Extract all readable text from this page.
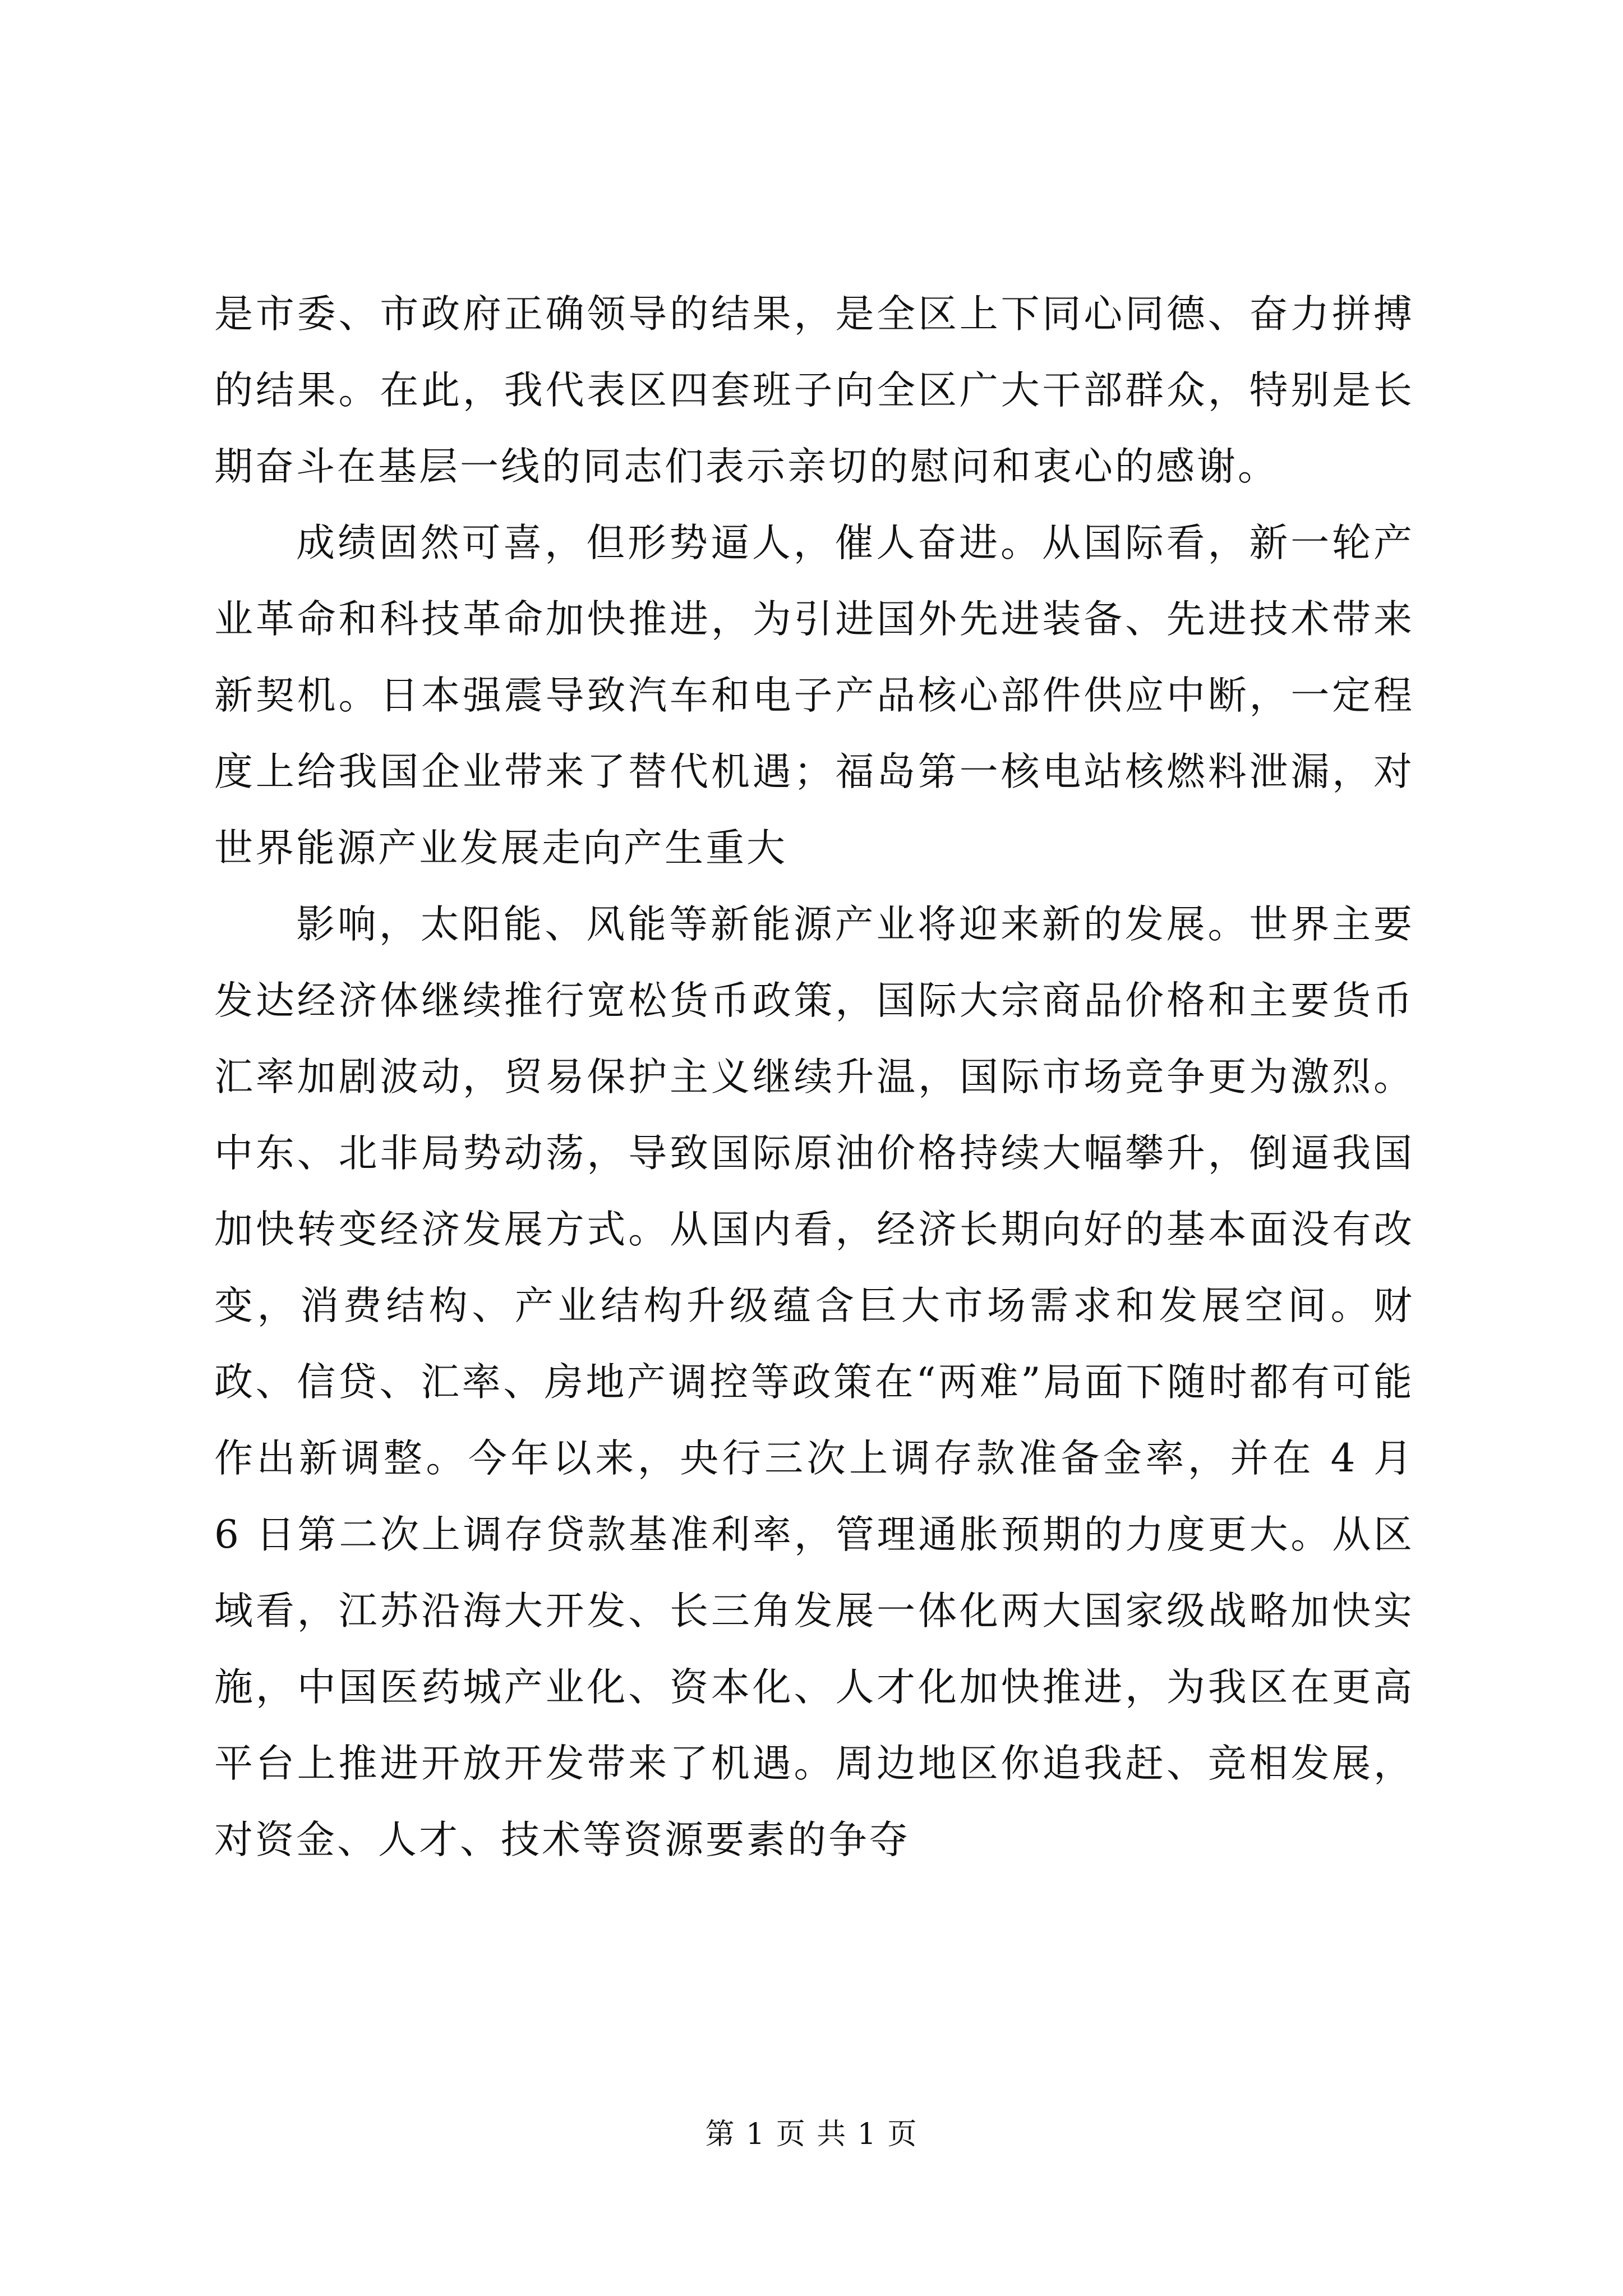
是市委、市政府正确领导的结果，是全区上下同心同德、奋力拼搏的结果。在此，我代表区四套班子向全区广大干部群众，特别是长期奋斗在基层一线的同志们表示亲切的慰问和衷心的感谢。

成绩固然可喜，但形势逼人，催人奋进。从国际看，新一轮产业革命和科技革命加快推进，为引进国外先进装备、先进技术带来新契机。日本强震导致汽车和电子产品核心部件供应中断，一定程度上给我国企业带来了替代机遇；福岛第一核电站核燃料泄漏，对世界能源产业发展走向产生重大

影响，太阳能、风能等新能源产业将迎来新的发展。世界主要发达经济体继续推行宽松货币政策，国际大宗商品价格和主要货币汇率加剧波动，贸易保护主义继续升温，国际市场竞争更为激烈。中东、北非局势动荡，导致国际原油价格持续大幅攀升，倒逼我国加快转变经济发展方式。从国内看，经济长期向好的基本面没有改变，消费结构、产业结构升级蕴含巨大市场需求和发展空间。财政、信贷、汇率、房地产调控等政策在“两难”局面下随时都有可能作出新调整。今年以来，央行三次上调存款准备金率，并在 4 月 6 日第二次上调存贷款基准利率，管理通胀预期的力度更大。从区域看，江苏沿海大开发、长三角发展一体化两大国家级战略加快实施，中国医药城产业化、资本化、人才化加快推进，为我区在更高平台上推进开放开发带来了机遇。周边地区你追我赶、竞相发展，对资金、人才、技术等资源要素的争夺

第 1 页 共 1 页
